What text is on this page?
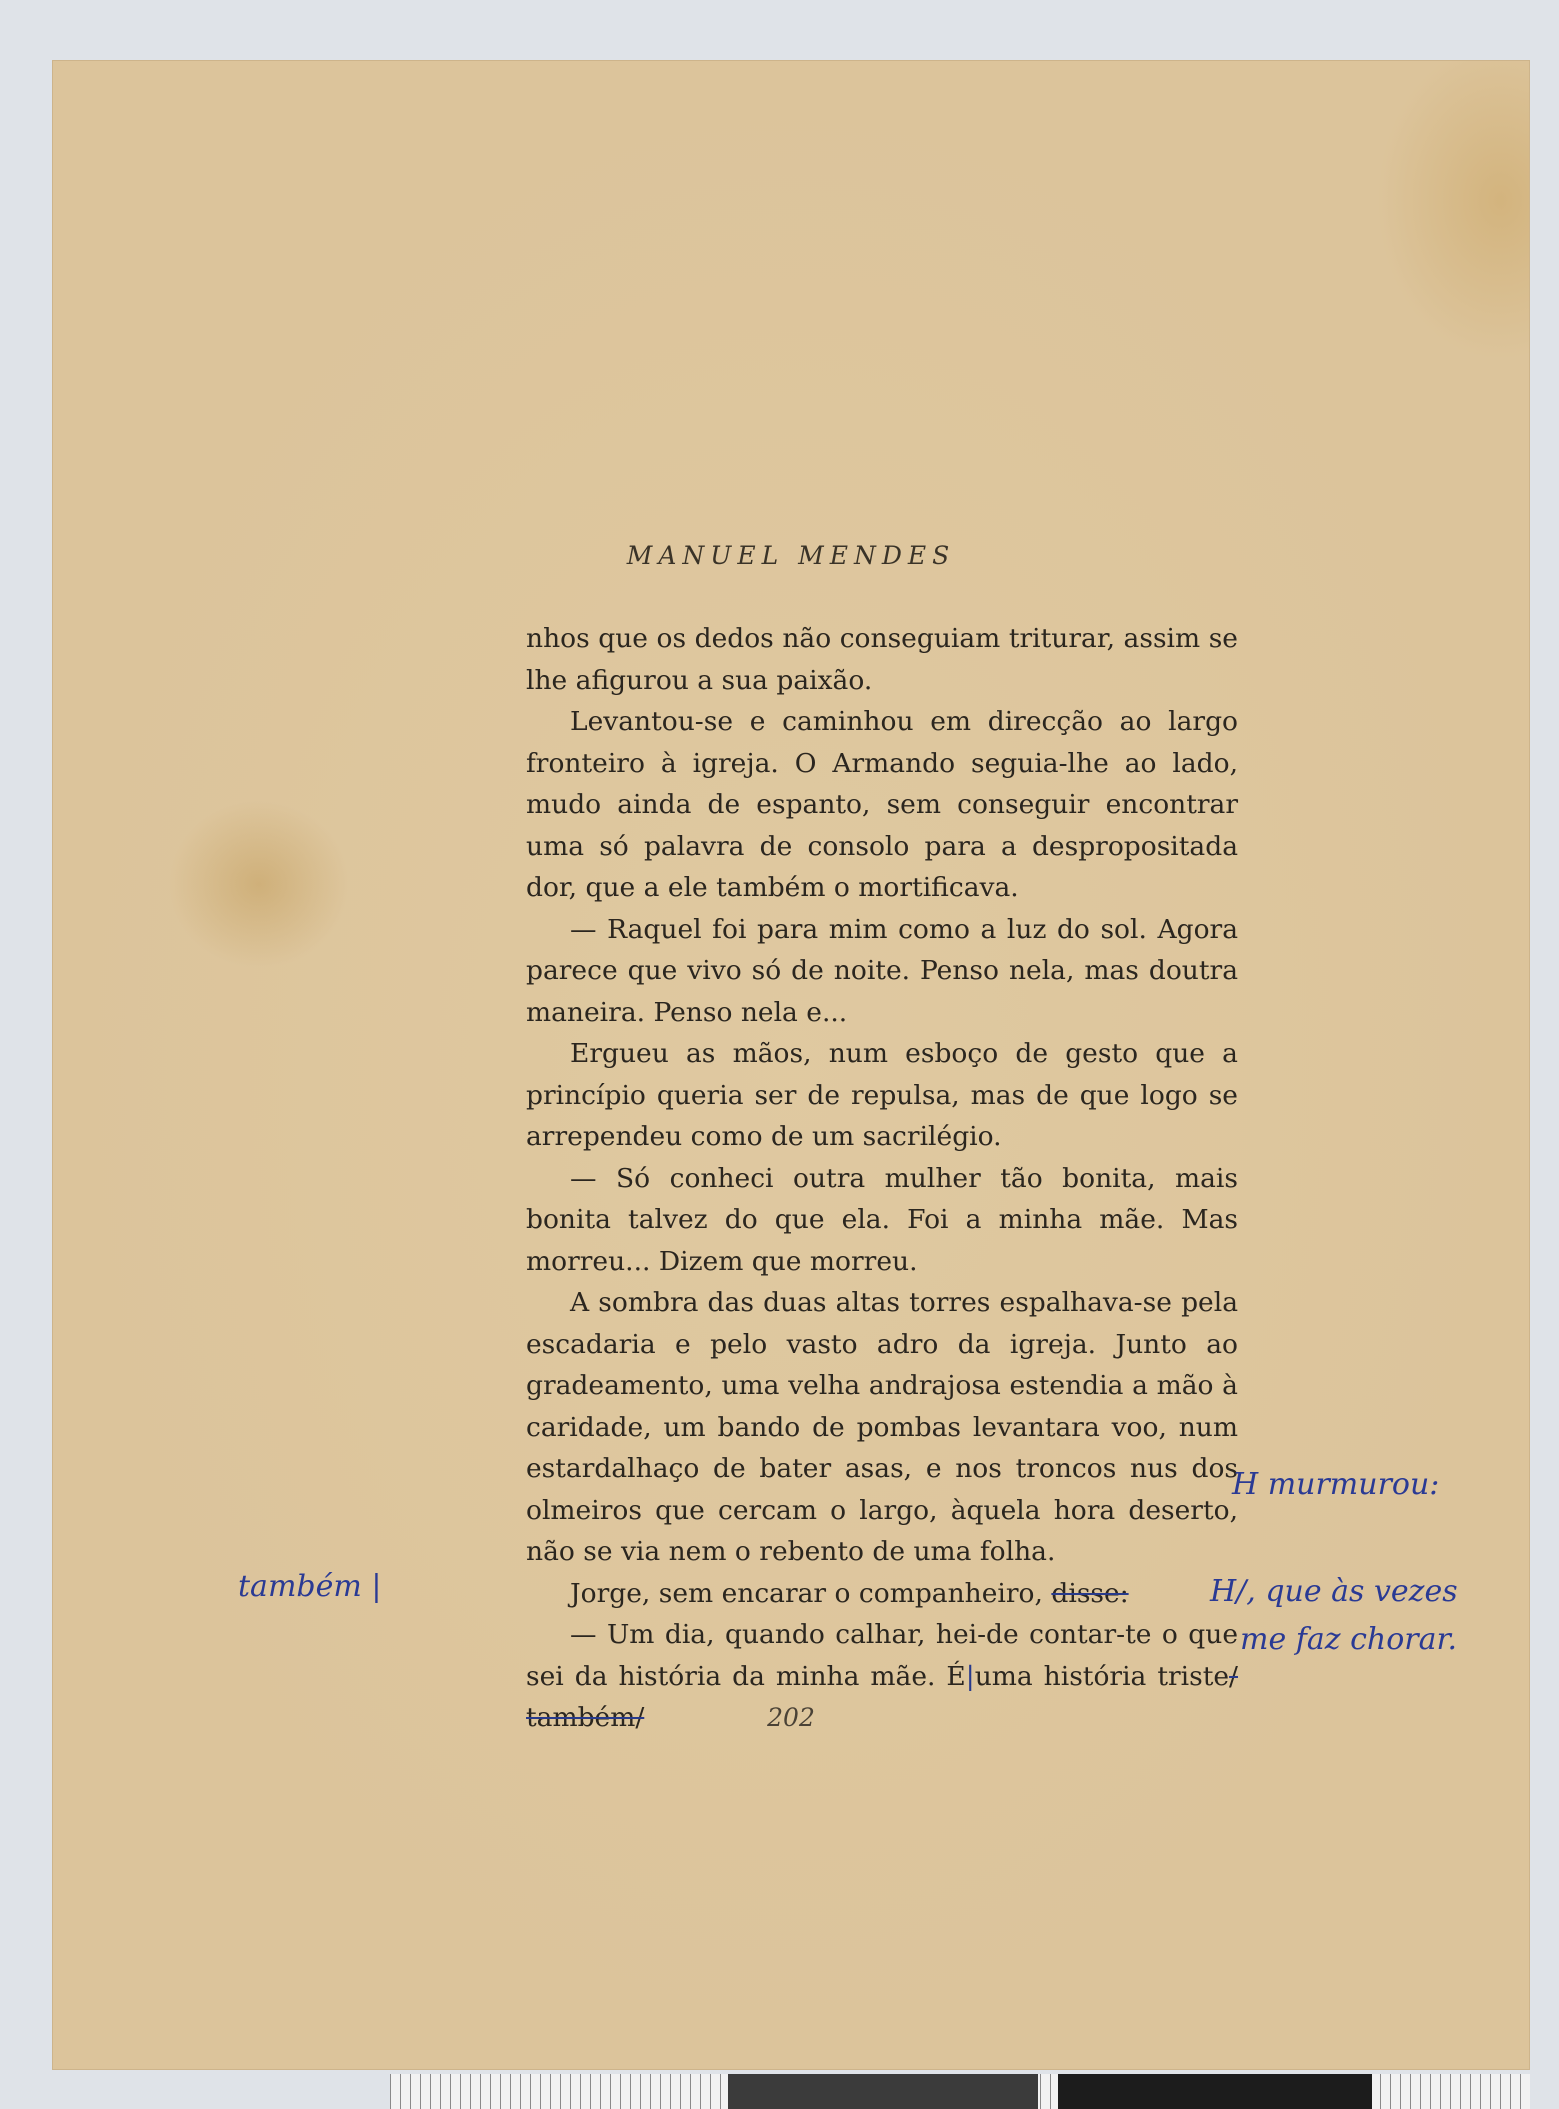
MANUEL MENDES

nhos que os dedos não conseguiam triturar, assim se lhe afigurou a sua paixão.

Levantou-se e caminhou em direcção ao largo fronteiro à igreja. O Armando seguia-lhe ao lado, mudo ainda de espanto, sem conseguir encontrar uma só palavra de consolo para a despropositada dor, que a ele também o mortificava.

— Raquel foi para mim como a luz do sol. Agora parece que vivo só de noite. Penso nela, mas doutra maneira. Penso nela e...

Ergueu as mãos, num esboço de gesto que a princípio queria ser de repulsa, mas de que logo se arrependeu como de um sacrilégio.

— Só conheci outra mulher tão bonita, mais bonita talvez do que ela. Foi a minha mãe. Mas morreu... Dizem que morreu.

A sombra das duas altas torres espalhava-se pela escadaria e pelo vasto adro da igreja. Junto ao gradeamento, uma velha andrajosa estendia a mão à caridade, um bando de pombas levantara voo, num estardalhaço de bater asas, e nos troncos nus dos olmeiros que cercam o largo, àquela hora deserto, não se via nem o rebento de uma folha.

Jorge, sem encarar o companheiro, disse:

— Um dia, quando calhar, hei-de contar-te o que sei da história da minha mãe. É|uma história triste/ também/	202
também |
H murmurou:
H/, que às vezes
me faz chorar.
